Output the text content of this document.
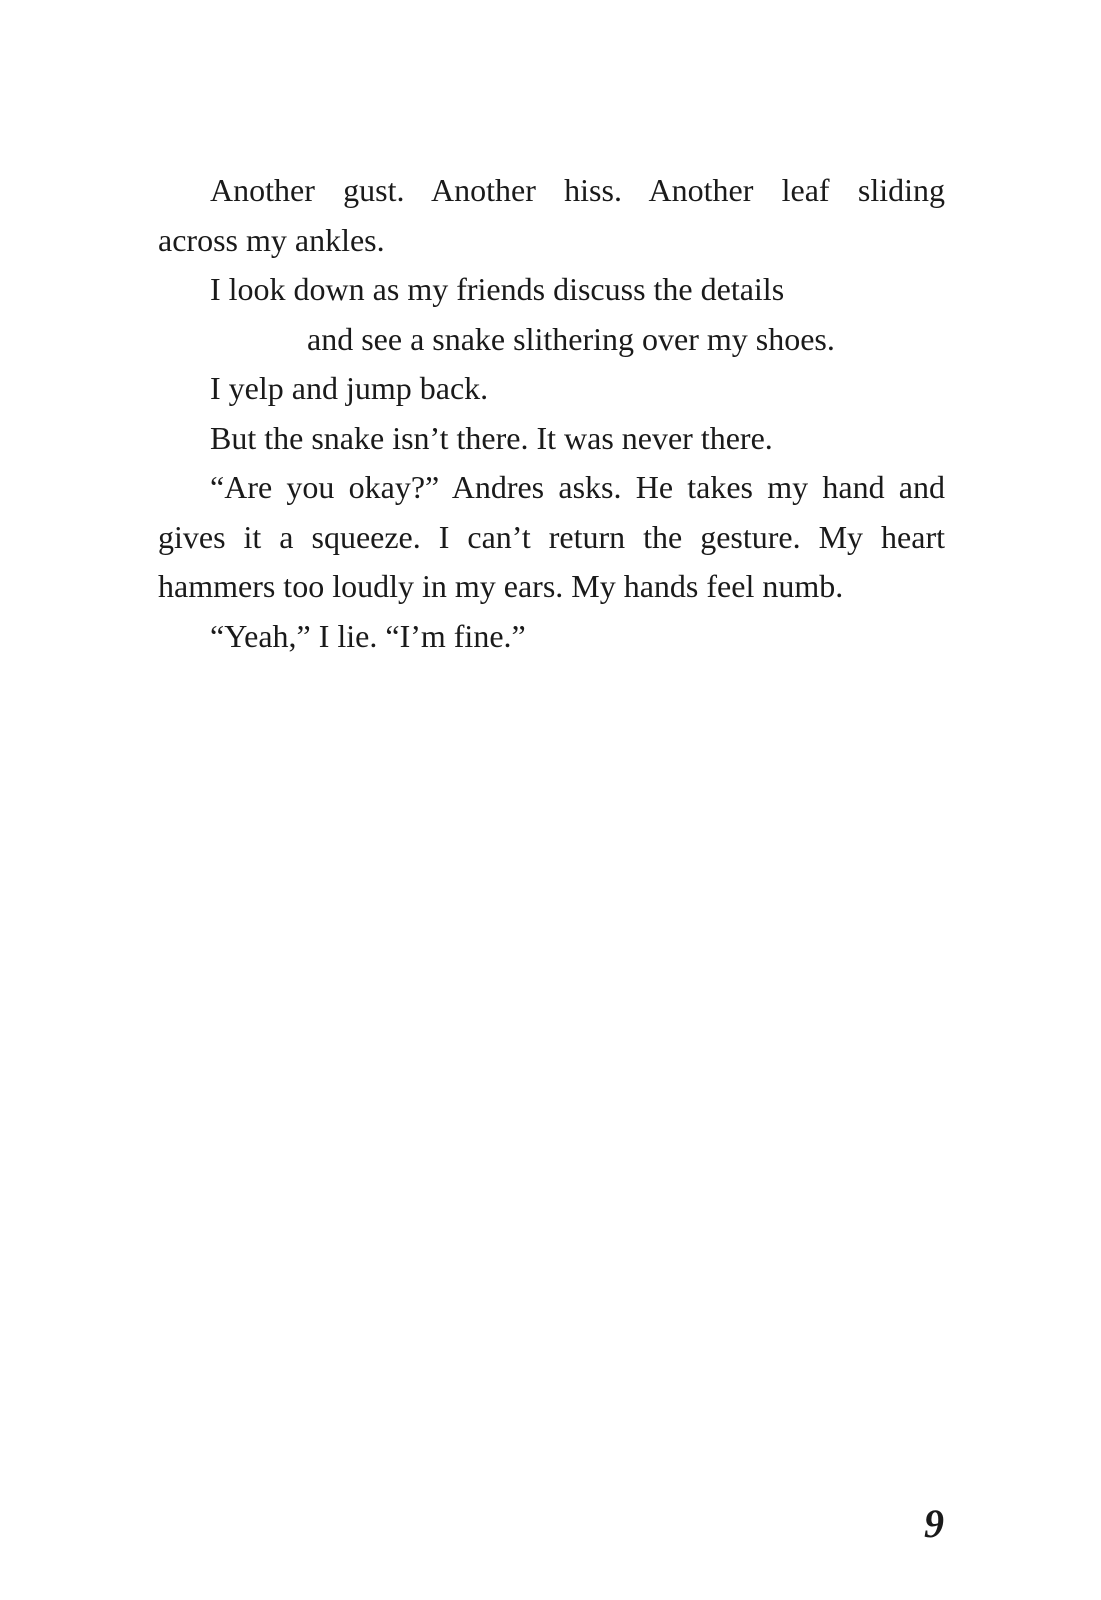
Another gust. Another hiss. Another leaf sliding
across my ankles.
I look down as my friends discuss the details
and see a snake slithering over my shoes.
I yelp and jump back.
But the snake isn’t there. It was never there.
“Are you okay?” Andres asks. He takes my hand and
gives it a squeeze. I can’t return the gesture. My heart
hammers too loudly in my ears. My hands feel numb.
“Yeah,” I lie. “I’m fine.”
9
